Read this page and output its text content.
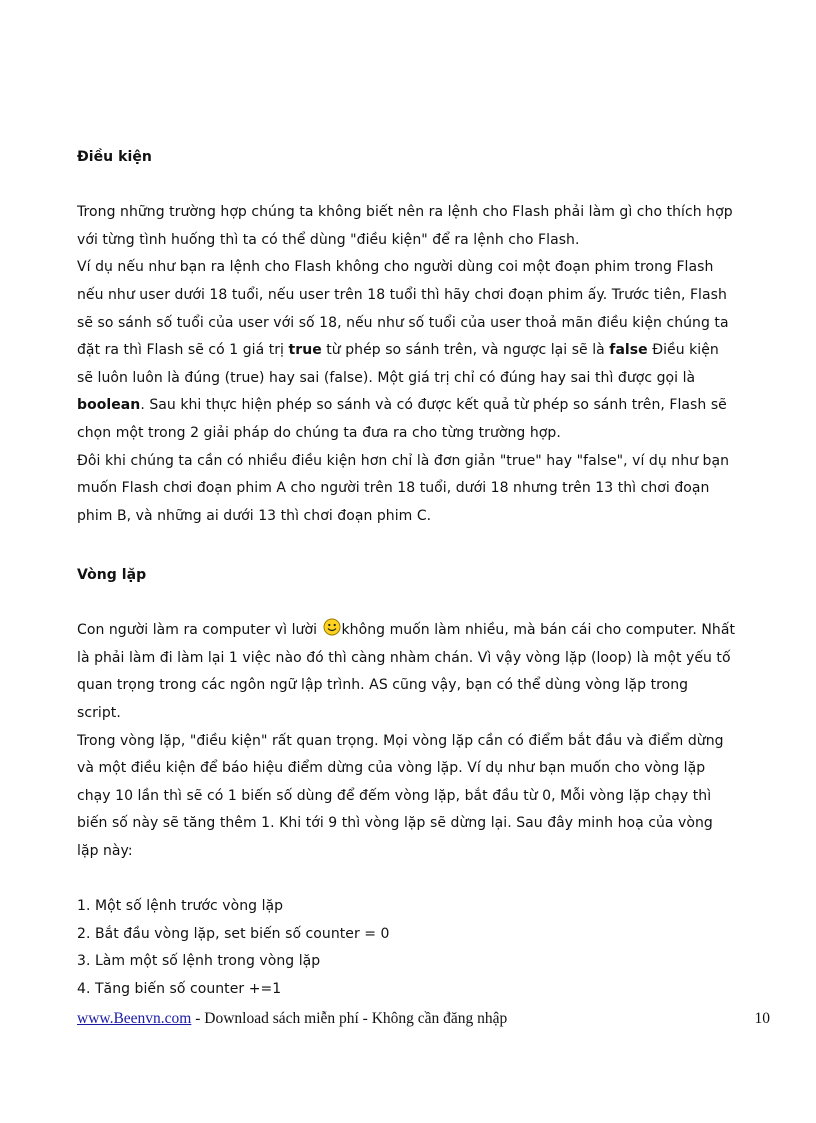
Điều kiện
Trong những trường hợp chúng ta không biết nên ra lệnh cho Flash phải làm gì cho thích hợp
với từng tình huống thì ta có thể dùng "điều kiện" để ra lệnh cho Flash.
Ví dụ nếu như bạn ra lệnh cho Flash không cho người dùng coi một đoạn phim trong Flash
nếu như user dưới 18 tuổi, nếu user trên 18 tuổi thì hãy chơi đoạn phim ấy. Trước tiên, Flash
sẽ so sánh số tuổi của user với số 18, nếu như số tuổi của user thoả mãn điều kiện chúng ta
đặt ra thì Flash sẽ có 1 giá trị true từ phép so sánh trên, và ngược lại sẽ là false Điều kiện
sẽ luôn luôn là đúng (true) hay sai (false). Một giá trị chỉ có đúng hay sai thì được gọi là
boolean. Sau khi thực hiện phép so sánh và có được kết quả từ phép so sánh trên, Flash sẽ
chọn một trong 2 giải pháp do chúng ta đưa ra cho từng trường hợp.
Đôi khi chúng ta cần có nhiều điều kiện hơn chỉ là đơn giản "true" hay "false", ví dụ như bạn
muốn Flash chơi đoạn phim A cho người trên 18 tuổi, dưới 18 nhưng trên 13 thì chơi đoạn
phim B, và những ai dưới 13 thì chơi đoạn phim C.
Vòng lặp
Con người làm ra computer vì lười không muốn làm nhiều, mà bán cái cho computer. Nhất
là phải làm đi làm lại 1 việc nào đó thì càng nhàm chán. Vì vậy vòng lặp (loop) là một yếu tố
quan trọng trong các ngôn ngữ lập trình. AS cũng vậy, bạn có thể dùng vòng lặp trong
script.
Trong vòng lặp, "điều kiện" rất quan trọng. Mọi vòng lặp cần có điểm bắt đầu và điểm dừng
và một điều kiện để báo hiệu điểm dừng của vòng lặp. Ví dụ như bạn muốn cho vòng lặp
chạy 10 lần thì sẽ có 1 biến số dùng để đếm vòng lặp, bắt đầu từ 0, Mỗi vòng lặp chạy thì
biến số này sẽ tăng thêm 1. Khi tới 9 thì vòng lặp sẽ dừng lại. Sau đây minh hoạ của vòng
lặp này:
1. Một số lệnh trước vòng lặp
2. Bắt đầu vòng lặp, set biến số counter = 0
3. Làm một số lệnh trong vòng lặp
4. Tăng biến số counter +=1
www.Beenvn.com - Download sách miễn phí - Không cần đăng nhập	10
